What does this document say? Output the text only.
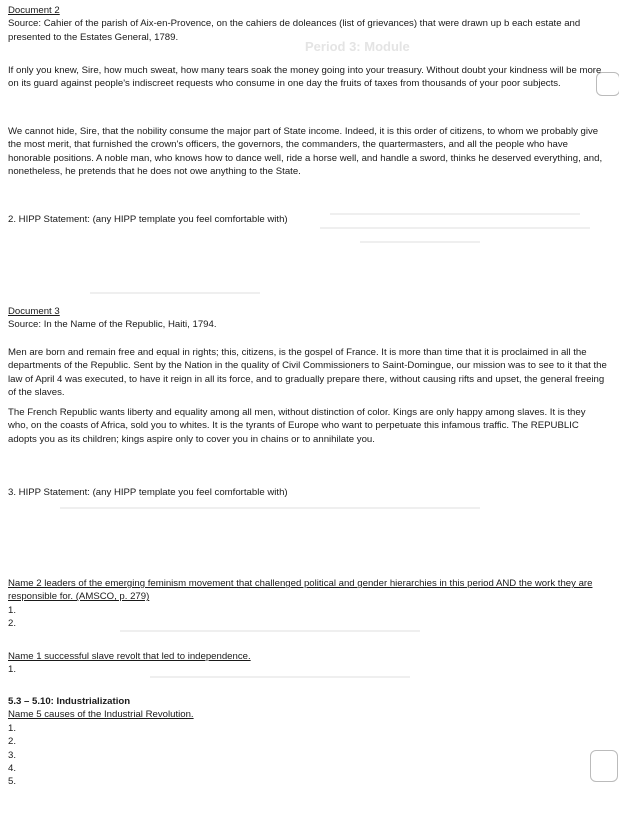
Period 3: Module
Document 2
Source: Cahier of the parish of Aix-en-Provence, on the cahiers de doleances (list of grievances) that were drawn up b each estate and presented to the Estates General, 1789.
If only you knew, Sire, how much sweat, how many tears soak the money going into your treasury. Without doubt your kindness will be more on its guard against people's indiscreet requests who consume in one day the fruits of taxes from thousands of your poor subjects.
We cannot hide, Sire, that the nobility consume the major part of State income. Indeed, it is this order of citizens, to whom we probably give the most merit, that furnished the crown's officers, the governors, the commanders, the quartermasters, and all the people who have honorable positions. A noble man, who knows how to dance well, ride a horse well, and handle a sword, thinks he deserved everything, and, nonetheless, he pretends that he does not owe anything to the State.
2. HIPP Statement: (any HIPP template you feel comfortable with)
Document 3
Source: In the Name of the Republic, Haiti, 1794.
Men are born and remain free and equal in rights; this, citizens, is the gospel of France. It is more than time that it is proclaimed in all the departments of the Republic. Sent by the Nation in the quality of Civil Commissioners to Saint-Domingue, our mission was to see to it that the law of April 4 was executed, to have it reign in all its force, and to gradually prepare there, without causing rifts and upset, the general freeing of the slaves.
The French Republic wants liberty and equality among all men, without distinction of color. Kings are only happy among slaves. It is they who, on the coasts of Africa, sold you to whites. It is the tyrants of Europe who want to perpetuate this infamous traffic. The REPUBLIC adopts you as its children; kings aspire only to cover you in chains or to annihilate you.
3. HIPP Statement: (any HIPP template you feel comfortable with)
Name 2 leaders of the emerging feminism movement that challenged political and gender hierarchies in this period AND the work they are responsible for. (AMSCO, p. 279)
1.
2.
Name 1 successful slave revolt that led to independence.
1.
5.3 – 5.10: Industrialization
Name 5 causes of the Industrial Revolution.
1.
2.
3.
4.
5.
